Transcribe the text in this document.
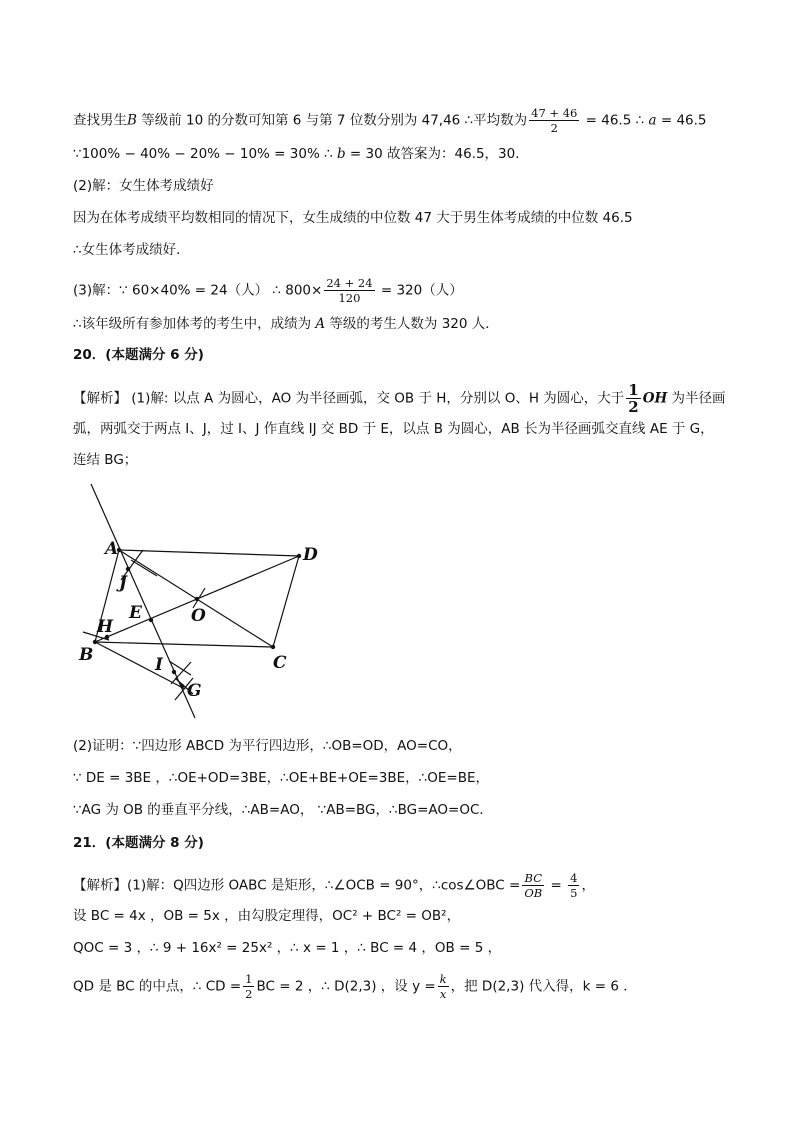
查找男生B 等级前 10 的分数可知第 6 与第 7 位数分别为 47,46 ∴平均数为 $\frac{47 + 46}{2} = 46.5$ ∴ a = 46.5
∵100% − 40% − 20% − 10% = 30% ∴ b = 30 故答案为：46.5，30．
(2)解：女生体考成绩好
因为在体考成绩平均数相同的情况下，女生成绩的中位数 47 大于男生体考成绩的中位数 46.5
∴女生体考成绩好．
(3)解：∵ 60×40% = 24（人） ∴ $800\times \frac{24 + 24}{120} = 320$（人）
∴该年级所有参加体考的考生中，成绩为 A 等级的考生人数为 320 人．
20．(本题满分 6 分)
【解析】 (1)解: 以点 A 为圆心，AO 为半径画弧，交 OB 于 H，分别以 O、H 为圆心，大于 $\frac{1}{2}$ OH 为半径画
弧，两弧交于两点 I、J，过 I、J 作直线 IJ 交 BD 于 E，以点 B 为圆心，AB 长为半径画弧交直线 AE 于 G，
连结 BG；
A	D
J
E	O
H
B	C
I
G
(2)证明：∵四边形 ABCD 为平行四边形，∴OB=OD，AO=CO，
∵ DE = 3BE ，∴OE+OD=3BE，∴OE+BE+OE=3BE，∴OE=BE，
∵AG 为 OB 的垂直平分线，∴AB=AO， ∵AB=BG，∴BG=AO=OC．
21．(本题满分 8 分)
【解析】(1)解：Q四边形 OABC 是矩形，∴∠OCB = 90°，∴cos∠OBC = $\frac{BC}{OB} = \frac{4}{5}$ ，
设 BC = 4x ，OB = 5x ，由勾股定理得，OC² + BC² = OB²，
QOC = 3 ，∴ 9 + 16x² = 25x² ，∴ x = 1 ，∴ BC = 4 ，OB = 5 ，
QD 是 BC 的中点，∴ CD = $\frac{1}{2}$ BC = 2 ，∴ D(2,3) ，设 $y = \frac{k}{x}$ ，把 D(2,3) 代入得，k = 6 ．
